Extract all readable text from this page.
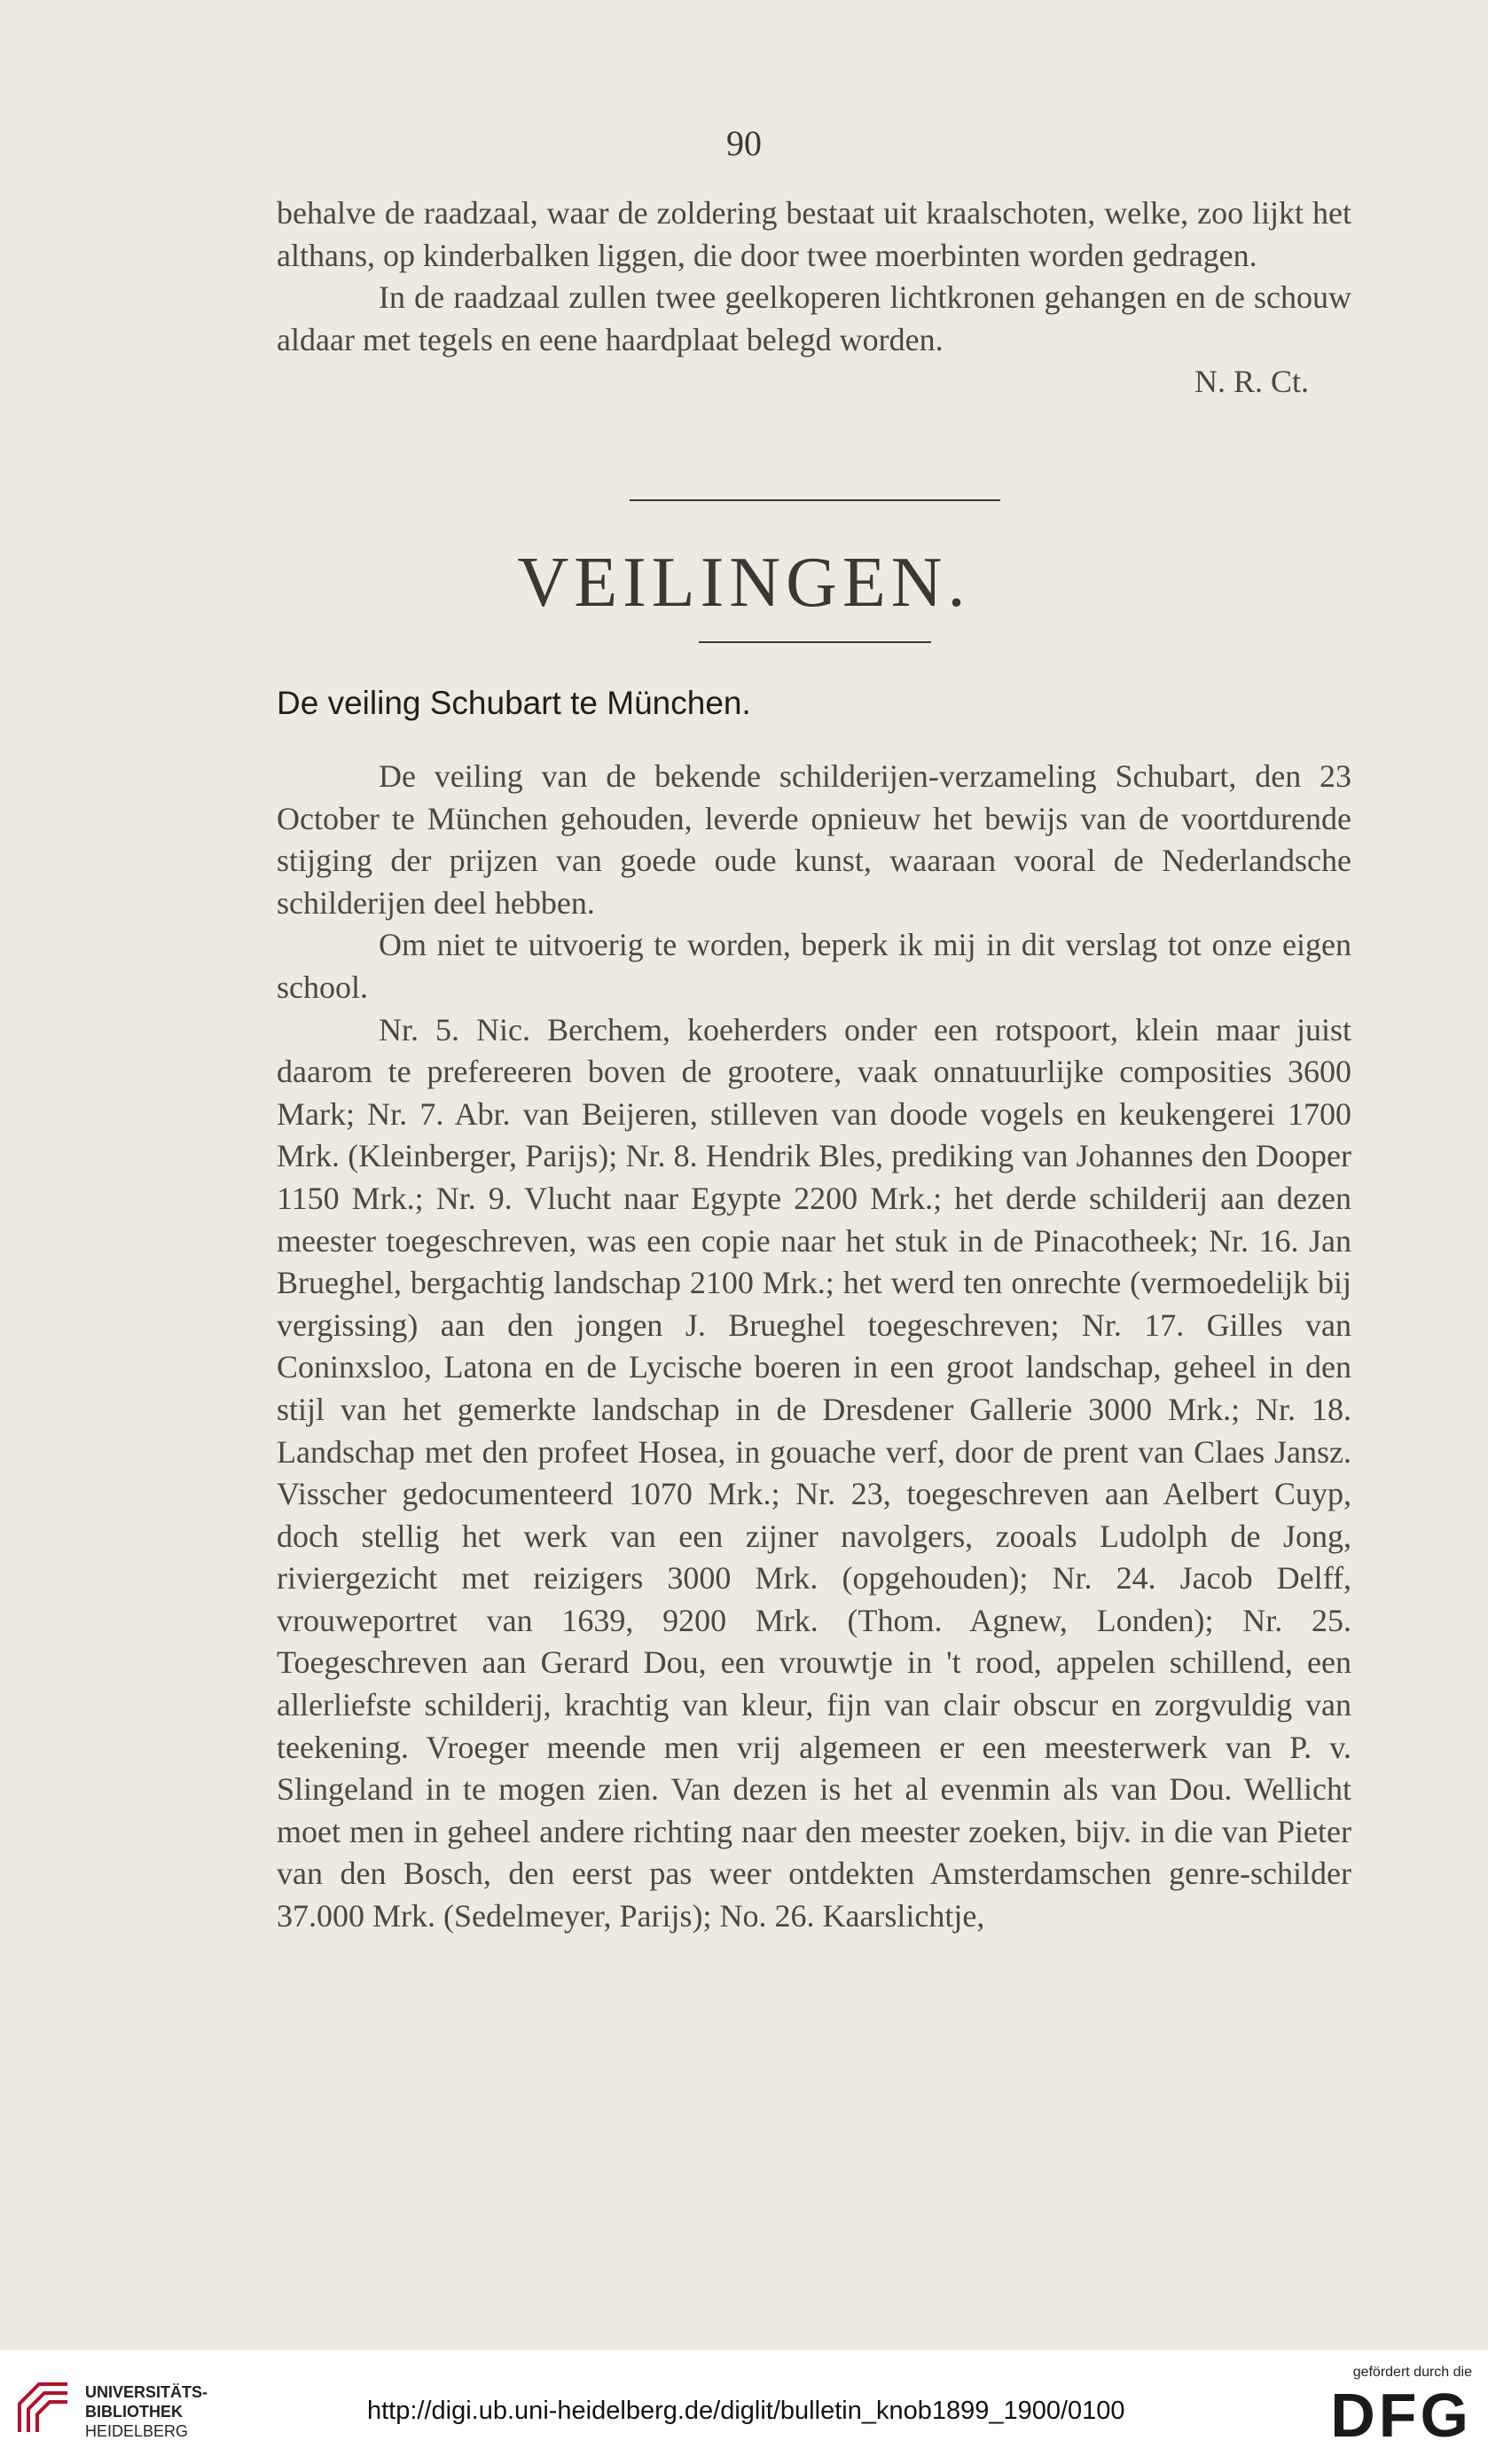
90

behalve de raadzaal, waar de zoldering bestaat uit kraalschoten, welke, zoo lijkt het althans, op kinderbalken liggen, die door twee moerbinten worden gedragen.

In de raadzaal zullen twee geelkoperen lichtkronen gehangen en de schouw aldaar met tegels en eene haardplaat belegd worden.

N. R. Ct.

VEILINGEN.
De veiling Schubart te München.

De veiling van de bekende schilderijen-verzameling Schubart, den 23 October te München gehouden, leverde opnieuw het bewijs van de voortdurende stijging der prijzen van goede oude kunst, waaraan vooral de Nederlandsche schilderijen deel hebben.

Om niet te uitvoerig te worden, beperk ik mij in dit verslag tot onze eigen school.

Nr. 5. Nic. Berchem, koeherders onder een rotspoort, klein maar juist daarom te prefereeren boven de grootere, vaak onnatuurlijke composities 3600 Mark; Nr. 7. Abr. van Beijeren, stilleven van doode vogels en keukengerei 1700 Mrk. (Kleinberger, Parijs); Nr. 8. Hendrik Bles, prediking van Johannes den Dooper 1150 Mrk.; Nr. 9. Vlucht naar Egypte 2200 Mrk.; het derde schilderij aan dezen meester toegeschreven, was een copie naar het stuk in de Pinacotheek; Nr. 16. Jan Brueghel, bergachtig landschap 2100 Mrk.; het werd ten onrechte (vermoedelijk bij vergissing) aan den jongen J. Brueghel toegeschreven; Nr. 17. Gilles van Coninxsloo, Latona en de Lycische boeren in een groot landschap, geheel in den stijl van het gemerkte landschap in de Dresdener Gallerie 3000 Mrk.; Nr. 18. Landschap met den profeet Hosea, in gouache verf, door de prent van Claes Jansz. Visscher gedocumenteerd 1070 Mrk.; Nr. 23, toegeschreven aan Aelbert Cuyp, doch stellig het werk van een zijner navolgers, zooals Ludolph de Jong, riviergezicht met reizigers 3000 Mrk. (opgehouden); Nr. 24. Jacob Delff, vrouweportret van 1639, 9200 Mrk. (Thom. Agnew, Londen); Nr. 25. Toegeschreven aan Gerard Dou, een vrouwtje in 't rood, appelen schillend, een allerliefste schilderij, krachtig van kleur, fijn van clair obscur en zorgvuldig van teekening. Vroeger meende men vrij algemeen er een meesterwerk van P. v. Slingeland in te mogen zien. Van dezen is het al evenmin als van Dou. Wellicht moet men in geheel andere richting naar den meester zoeken, bijv. in die van Pieter van den Bosch, den eerst pas weer ontdekten Amsterdamschen genre-schilder 37.000 Mrk. (Sedelmeyer, Parijs); No. 26. Kaarslichtje,

UNIVERSITÄTS-
BIBLIOTHEK
HEIDELBERG
http://digi.ub.uni-heidelberg.de/diglit/bulletin_knob1899_1900/0100
gefördert durch die
DFG
